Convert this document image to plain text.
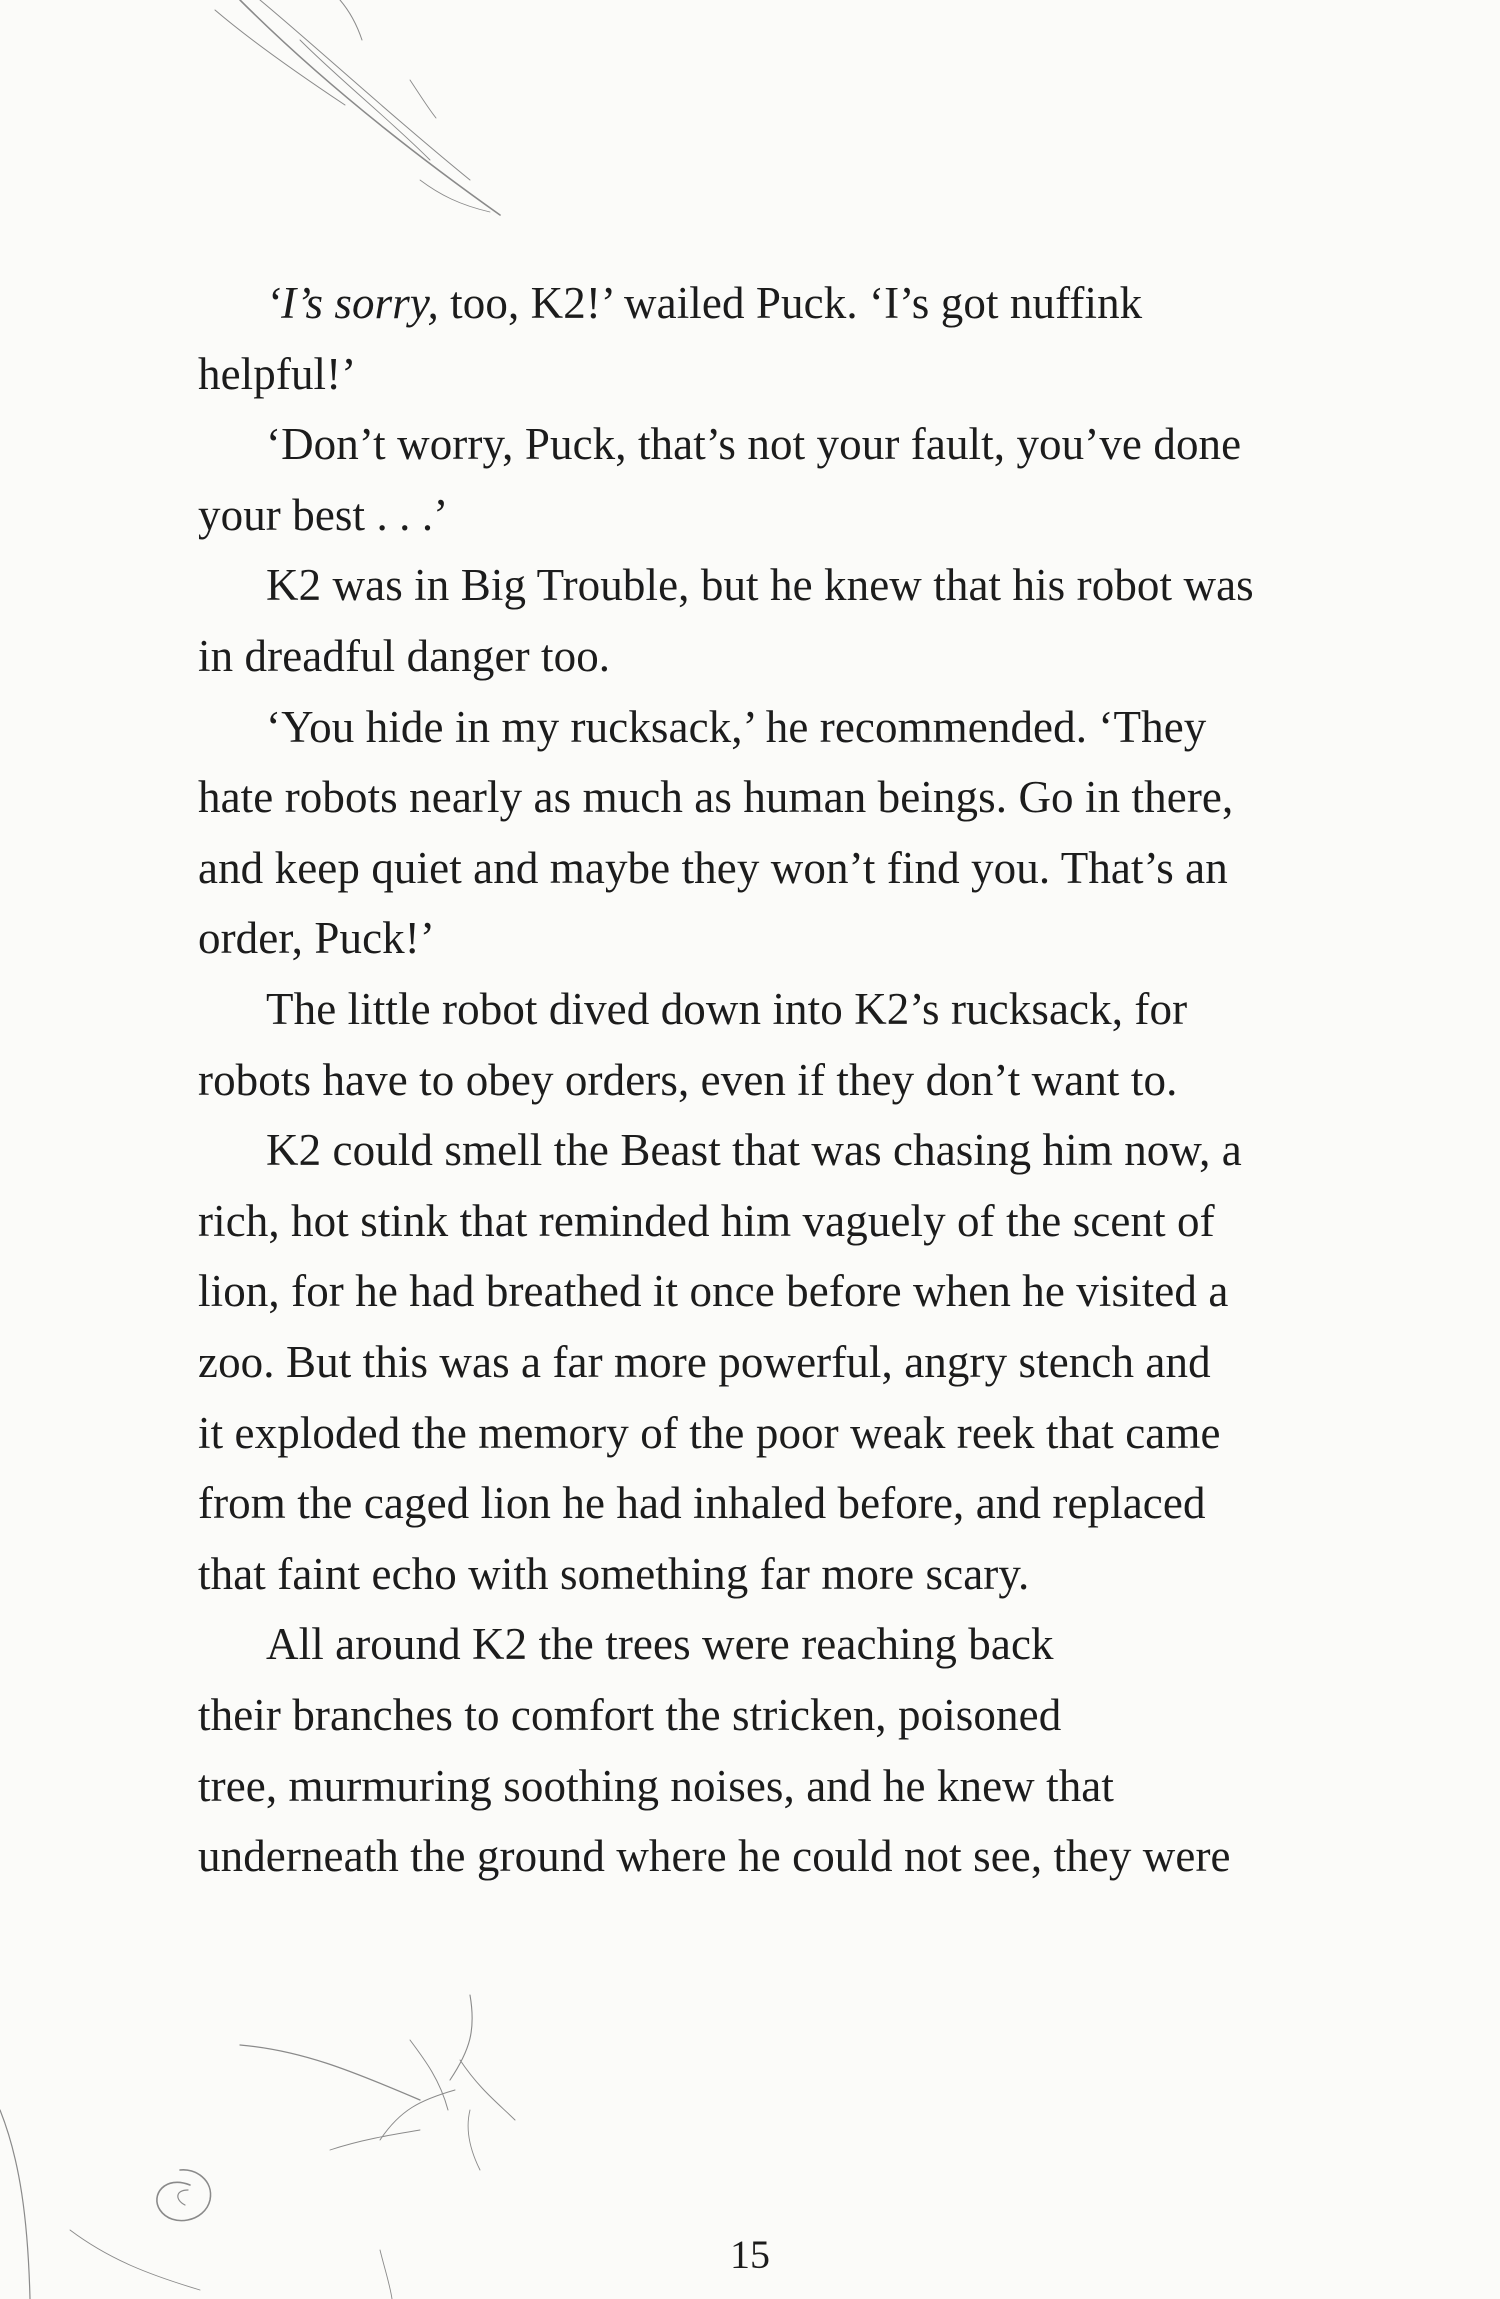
‘I’s sorry, too, K2!’ wailed Puck. ‘I’s got nuffink
helpful!’
‘Don’t worry, Puck, that’s not your fault, you’ve done
your best . . .’
K2 was in Big Trouble, but he knew that his robot was
in dreadful danger too.
‘You hide in my rucksack,’ he recommended. ‘They
hate robots nearly as much as human beings. Go in there,
and keep quiet and maybe they won’t find you. That’s an
order, Puck!’
The little robot dived down into K2’s rucksack, for
robots have to obey orders, even if they don’t want to.
K2 could smell the Beast that was chasing him now, a
rich, hot stink that reminded him vaguely of the scent of
lion, for he had breathed it once before when he visited a
zoo. But this was a far more powerful, angry stench and
it exploded the memory of the poor weak reek that came
from the caged lion he had inhaled before, and replaced
that faint echo with something far more scary.
All around K2 the trees were reaching back
their branches to comfort the stricken, poisoned
tree, murmuring soothing noises, and he knew that
underneath the ground where he could not see, they were
15
